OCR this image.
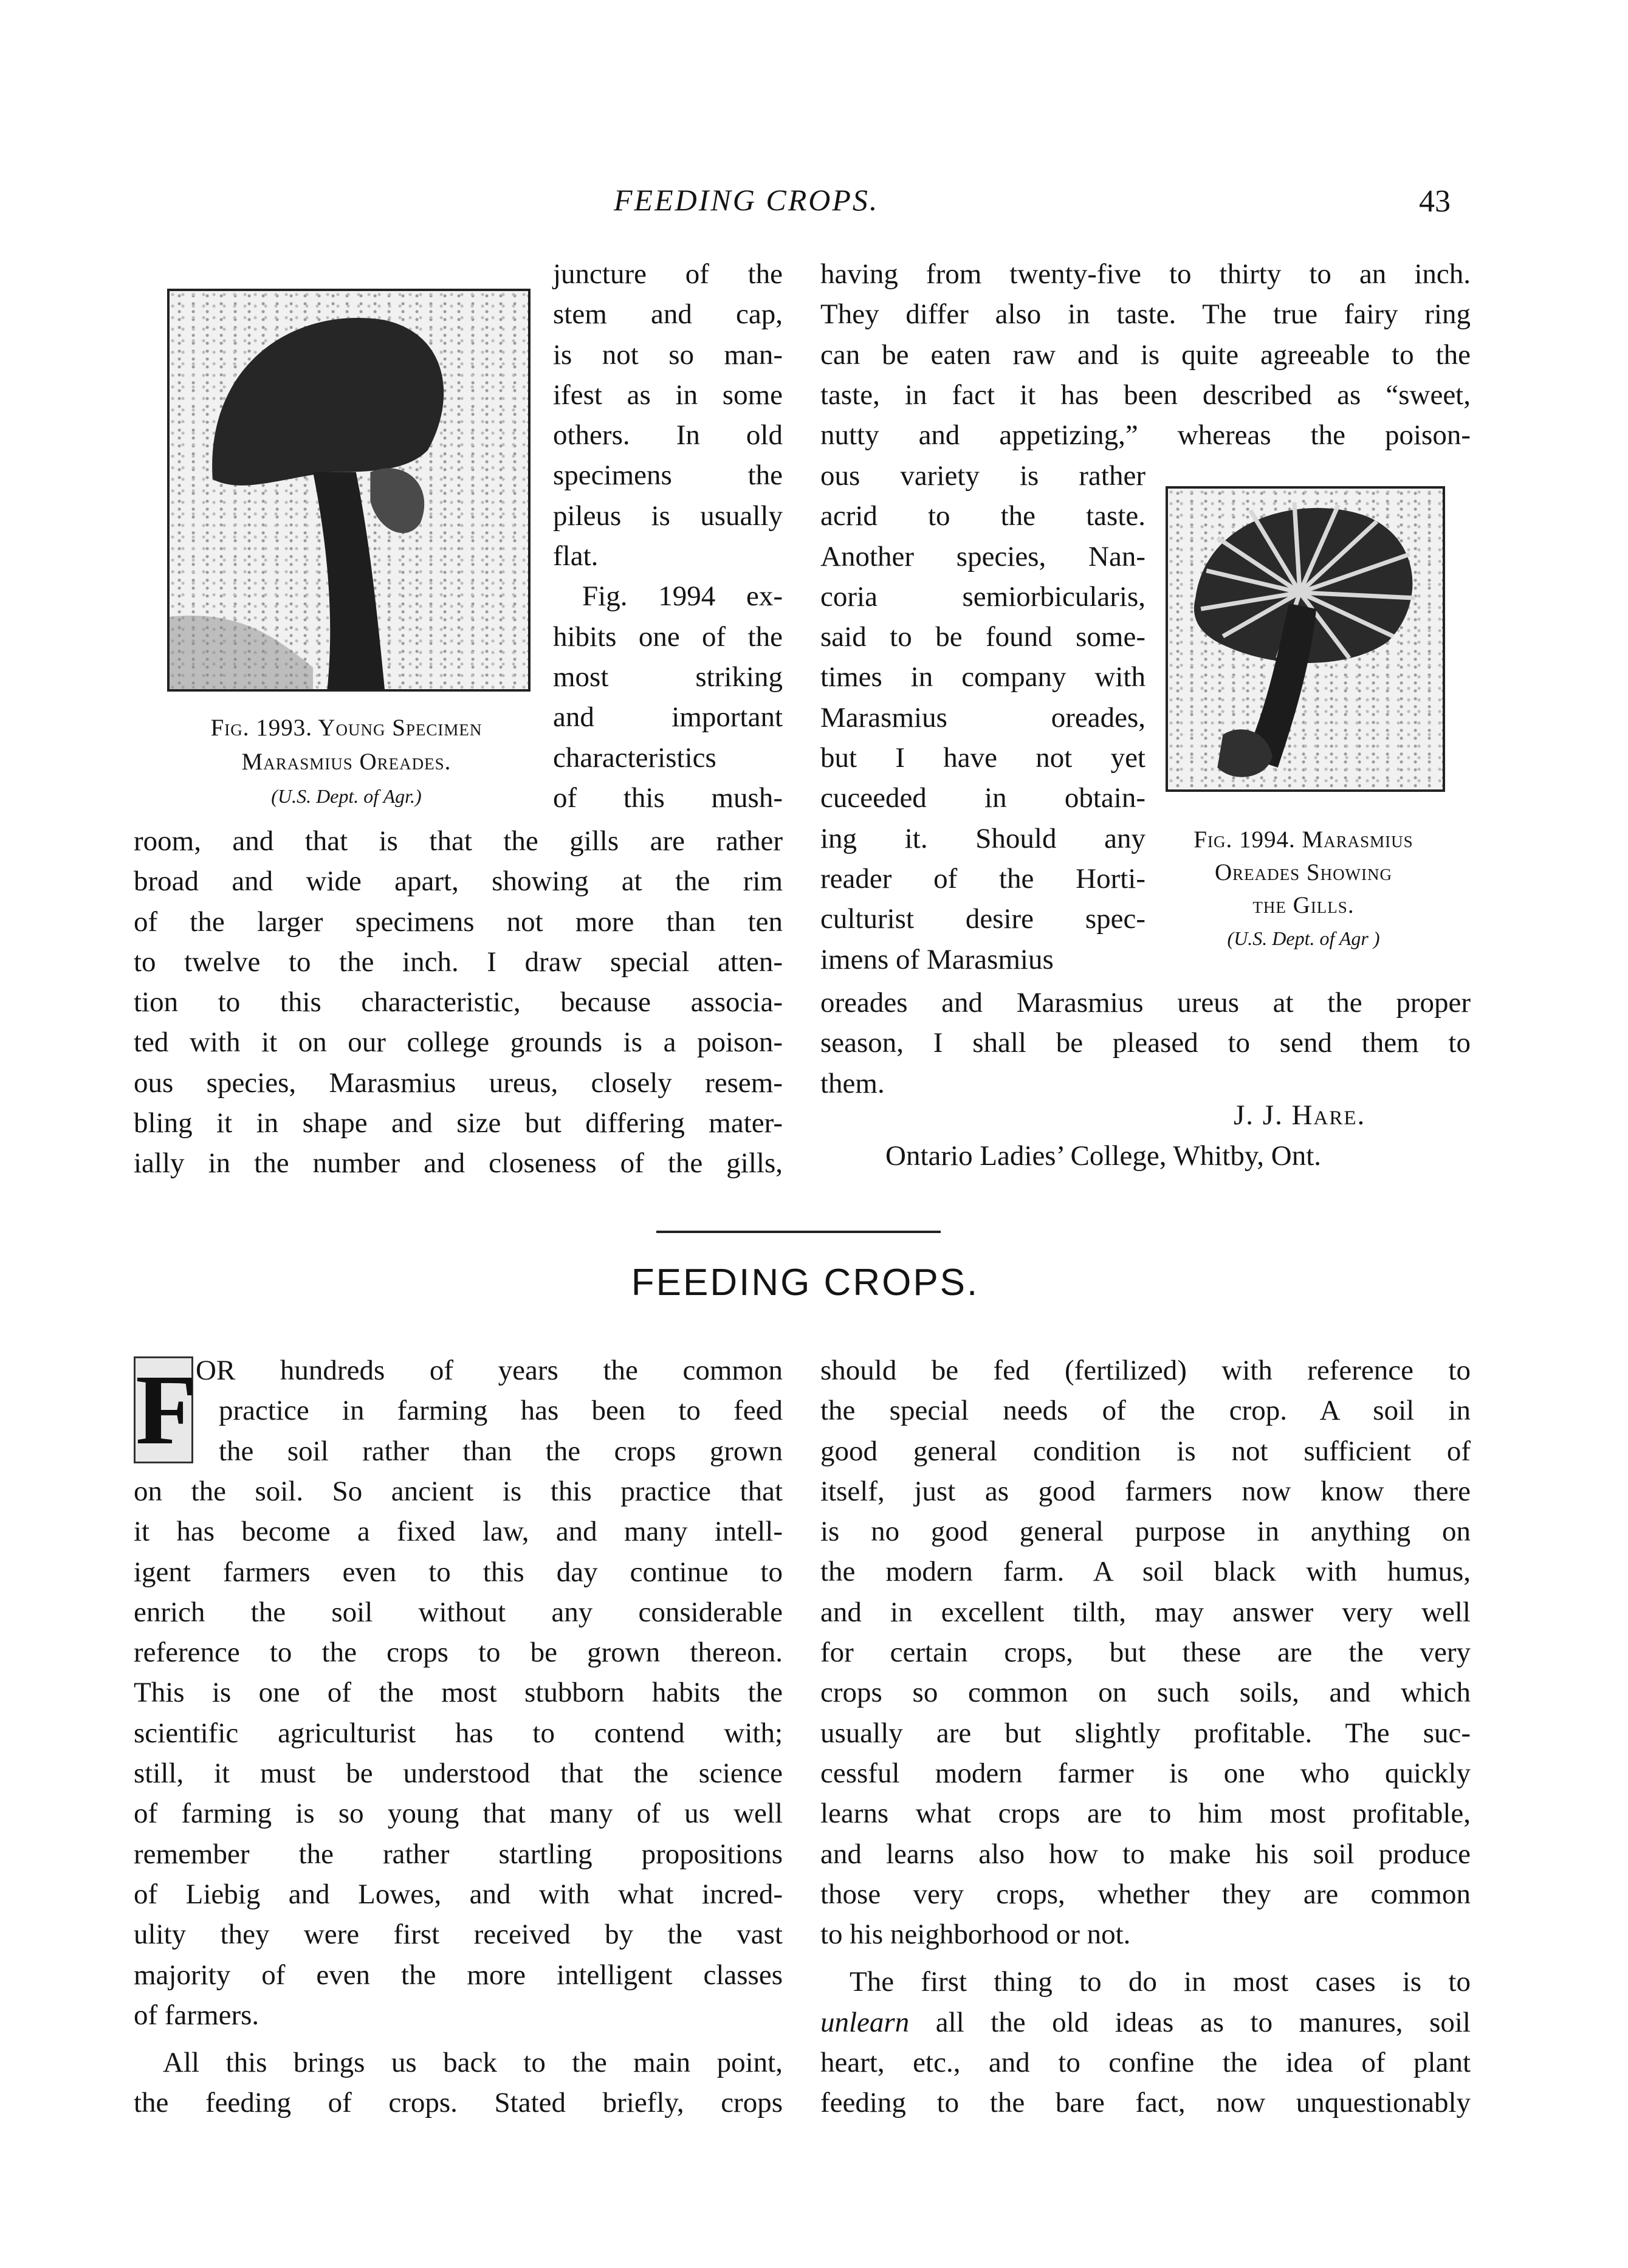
FEEDING CROPS.	43
Fig. 1993. Young Specimen
Marasmius Oreades.
(U.S. Dept. of Agr.)

juncture of the

stem and cap,

is not so man-

ifest as in some

others. In old

specimens the

pileus is usually

flat.

Fig. 1994 ex-

hibits one of the

most striking

and important

characteristics

of this mush-

room, and that is that the gills are rather

broad and wide apart, showing at the rim

of the larger specimens not more than ten

to twelve to the inch. I draw special atten-

tion to this characteristic, because associa-

ted with it on our college grounds is a poison-

ous species, Marasmius ureus, closely resem-

bling it in shape and size but differing mater-

ially in the number and closeness of the gills,

having from twenty-five to thirty to an inch.

They differ also in taste. The true fairy ring

can be eaten raw and is quite agreeable to the

taste, in fact it has been described as “sweet,

nutty and appetizing,” whereas the poison-

ous variety is rather

acrid to the taste.

Another species, Nan-

coria semiorbicularis,

said to be found some-

times in company with

Marasmius oreades,

but I have not yet

cuceeded in obtain-

ing it. Should any

reader of the Horti-

culturist desire spec-

imens of Marasmius

Fig. 1994. Marasmius
Oreades Showing
the Gills.
(U.S. Dept. of Agr )

oreades and Marasmius ureus at the proper

season, I shall be pleased to send them to

them.

J. J. Hare.
Ontario Ladies’ College, Whitby, Ont.
FEEDING CROPS.
F

OR hundreds of years the common

practice in farming has been to feed

the soil rather than the crops grown

on the soil. So ancient is this practice that

it has become a fixed law, and many intell-

igent farmers even to this day continue to

enrich the soil without any considerable

reference to the crops to be grown thereon.

This is one of the most stubborn habits the

scientific agriculturist has to contend with;

still, it must be understood that the science

of farming is so young that many of us well

remember the rather startling propositions

of Liebig and Lowes, and with what incred-

ulity they were first received by the vast

majority of even the more intelligent classes

of farmers.

All this brings us back to the main point,

the feeding of crops. Stated briefly, crops

should be fed (fertilized) with reference to

the special needs of the crop. A soil in

good general condition is not sufficient of

itself, just as good farmers now know there

is no good general purpose in anything on

the modern farm. A soil black with humus,

and in excellent tilth, may answer very well

for certain crops, but these are the very

crops so common on such soils, and which

usually are but slightly profitable. The suc-

cessful modern farmer is one who quickly

learns what crops are to him most profitable,

and learns also how to make his soil produce

those very crops, whether they are common

to his neighborhood or not.

The first thing to do in most cases is to

unlearn all the old ideas as to manures, soil

heart, etc., and to confine the idea of plant

feeding to the bare fact, now unquestionably
